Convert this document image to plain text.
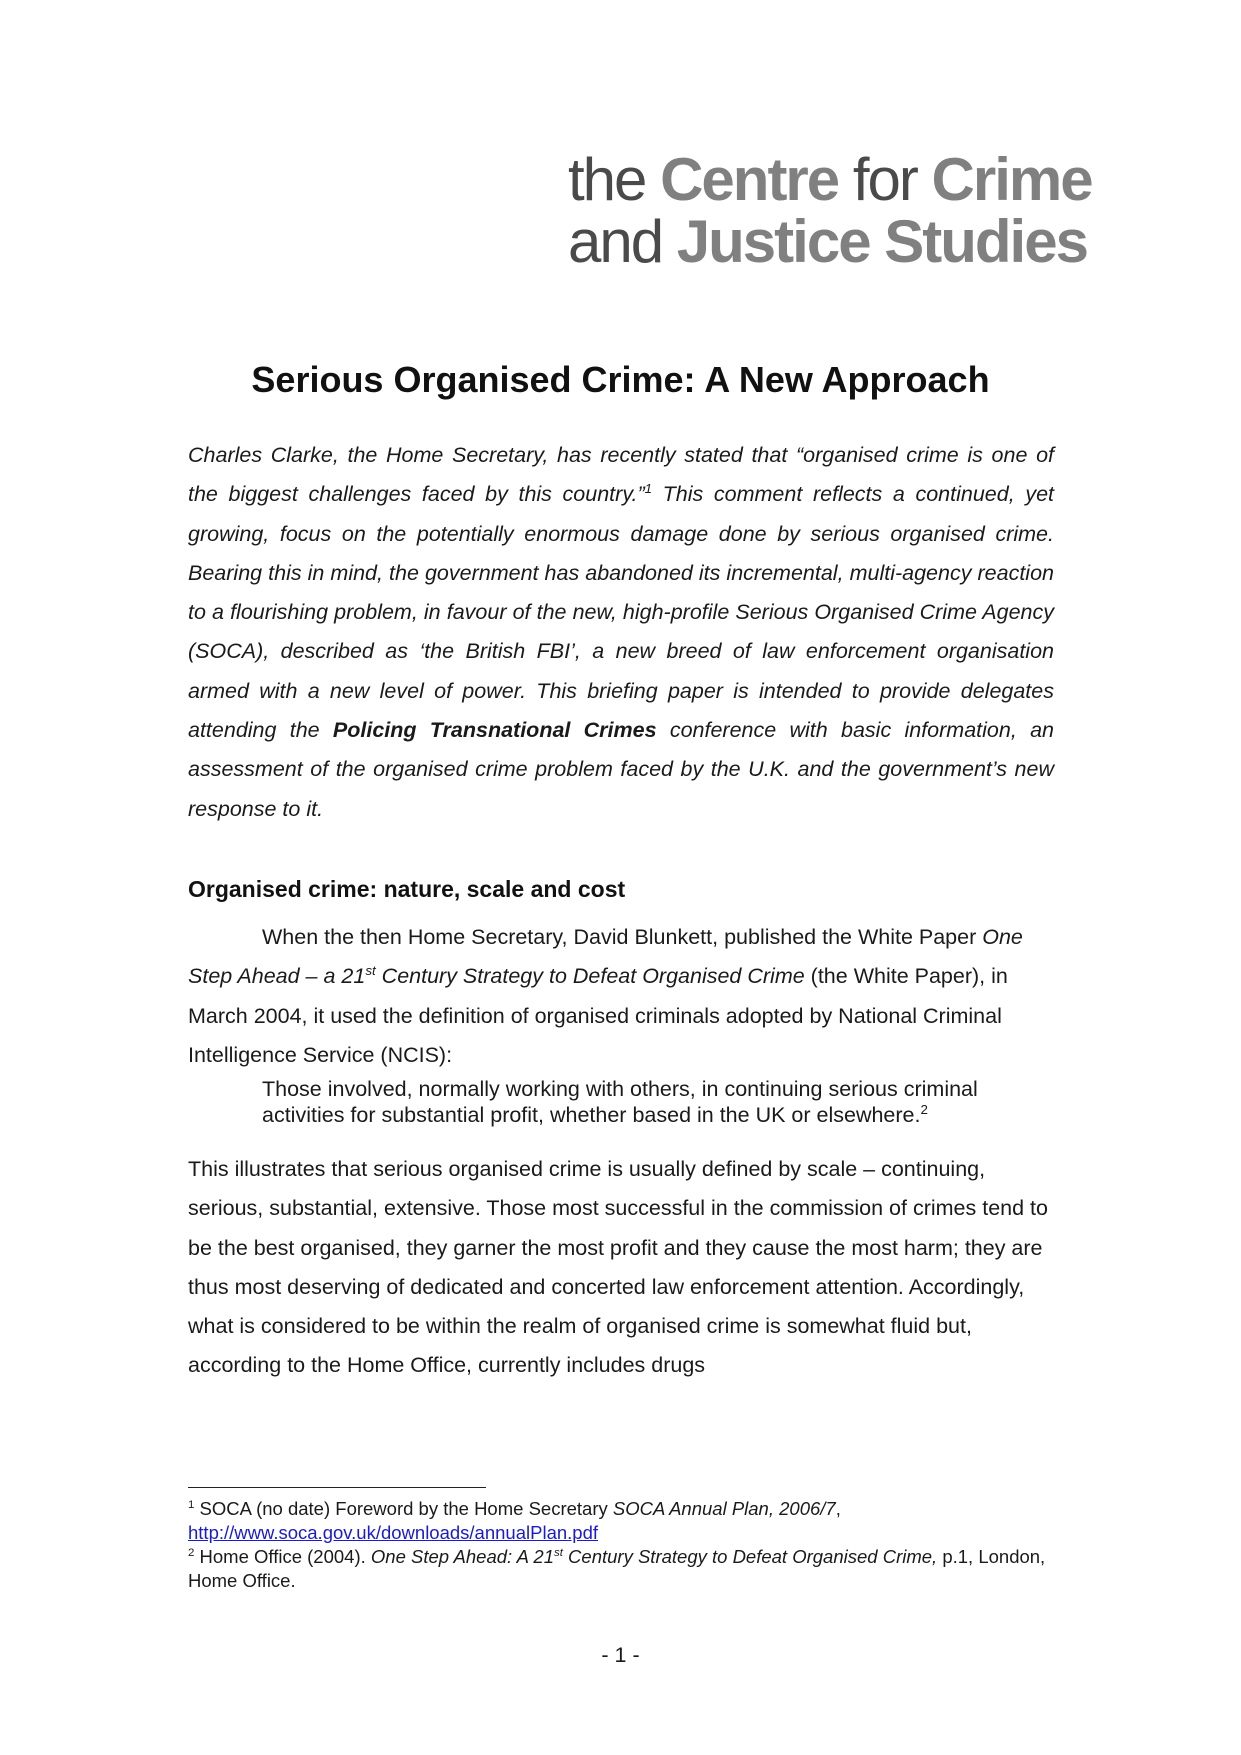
the Centre for Crime
and Justice Studies
Serious Organised Crime: A New Approach
Charles Clarke, the Home Secretary, has recently stated that “organised crime is one of the biggest challenges faced by this country.”$^1$ This comment reflects a continued, yet growing, focus on the potentially enormous damage done by serious organised crime. Bearing this in mind, the government has abandoned its incremental, multi-agency reaction to a flourishing problem, in favour of the new, high-profile Serious Organised Crime Agency (SOCA), described as ‘the British FBI’, a new breed of law enforcement organisation armed with a new level of power. This briefing paper is intended to provide delegates attending the Policing Transnational Crimes conference with basic information, an assessment of the organised crime problem faced by the U.K. and the government’s new response to it.
Organised crime: nature, scale and cost
When the then Home Secretary, David Blunkett, published the White Paper One Step Ahead – a 21st Century Strategy to Defeat Organised Crime (the White Paper), in March 2004, it used the definition of organised criminals adopted by National Criminal Intelligence Service (NCIS):
Those involved, normally working with others, in continuing serious criminal activities for substantial profit, whether based in the UK or elsewhere.$^2$
This illustrates that serious organised crime is usually defined by scale – continuing, serious, substantial, extensive. Those most successful in the commission of crimes tend to be the best organised, they garner the most profit and they cause the most harm; they are thus most deserving of dedicated and concerted law enforcement attention. Accordingly, what is considered to be within the realm of organised crime is somewhat fluid but, according to the Home Office, currently includes drugs

$^1$ SOCA (no date) Foreword by the Home Secretary SOCA Annual Plan, 2006/7,
http://www.soca.gov.uk/downloads/annualPlan.pdf

$^2$ Home Office (2004). One Step Ahead: A 21st Century Strategy to Defeat Organised Crime, p.1, London, Home Office.

- 1 -
